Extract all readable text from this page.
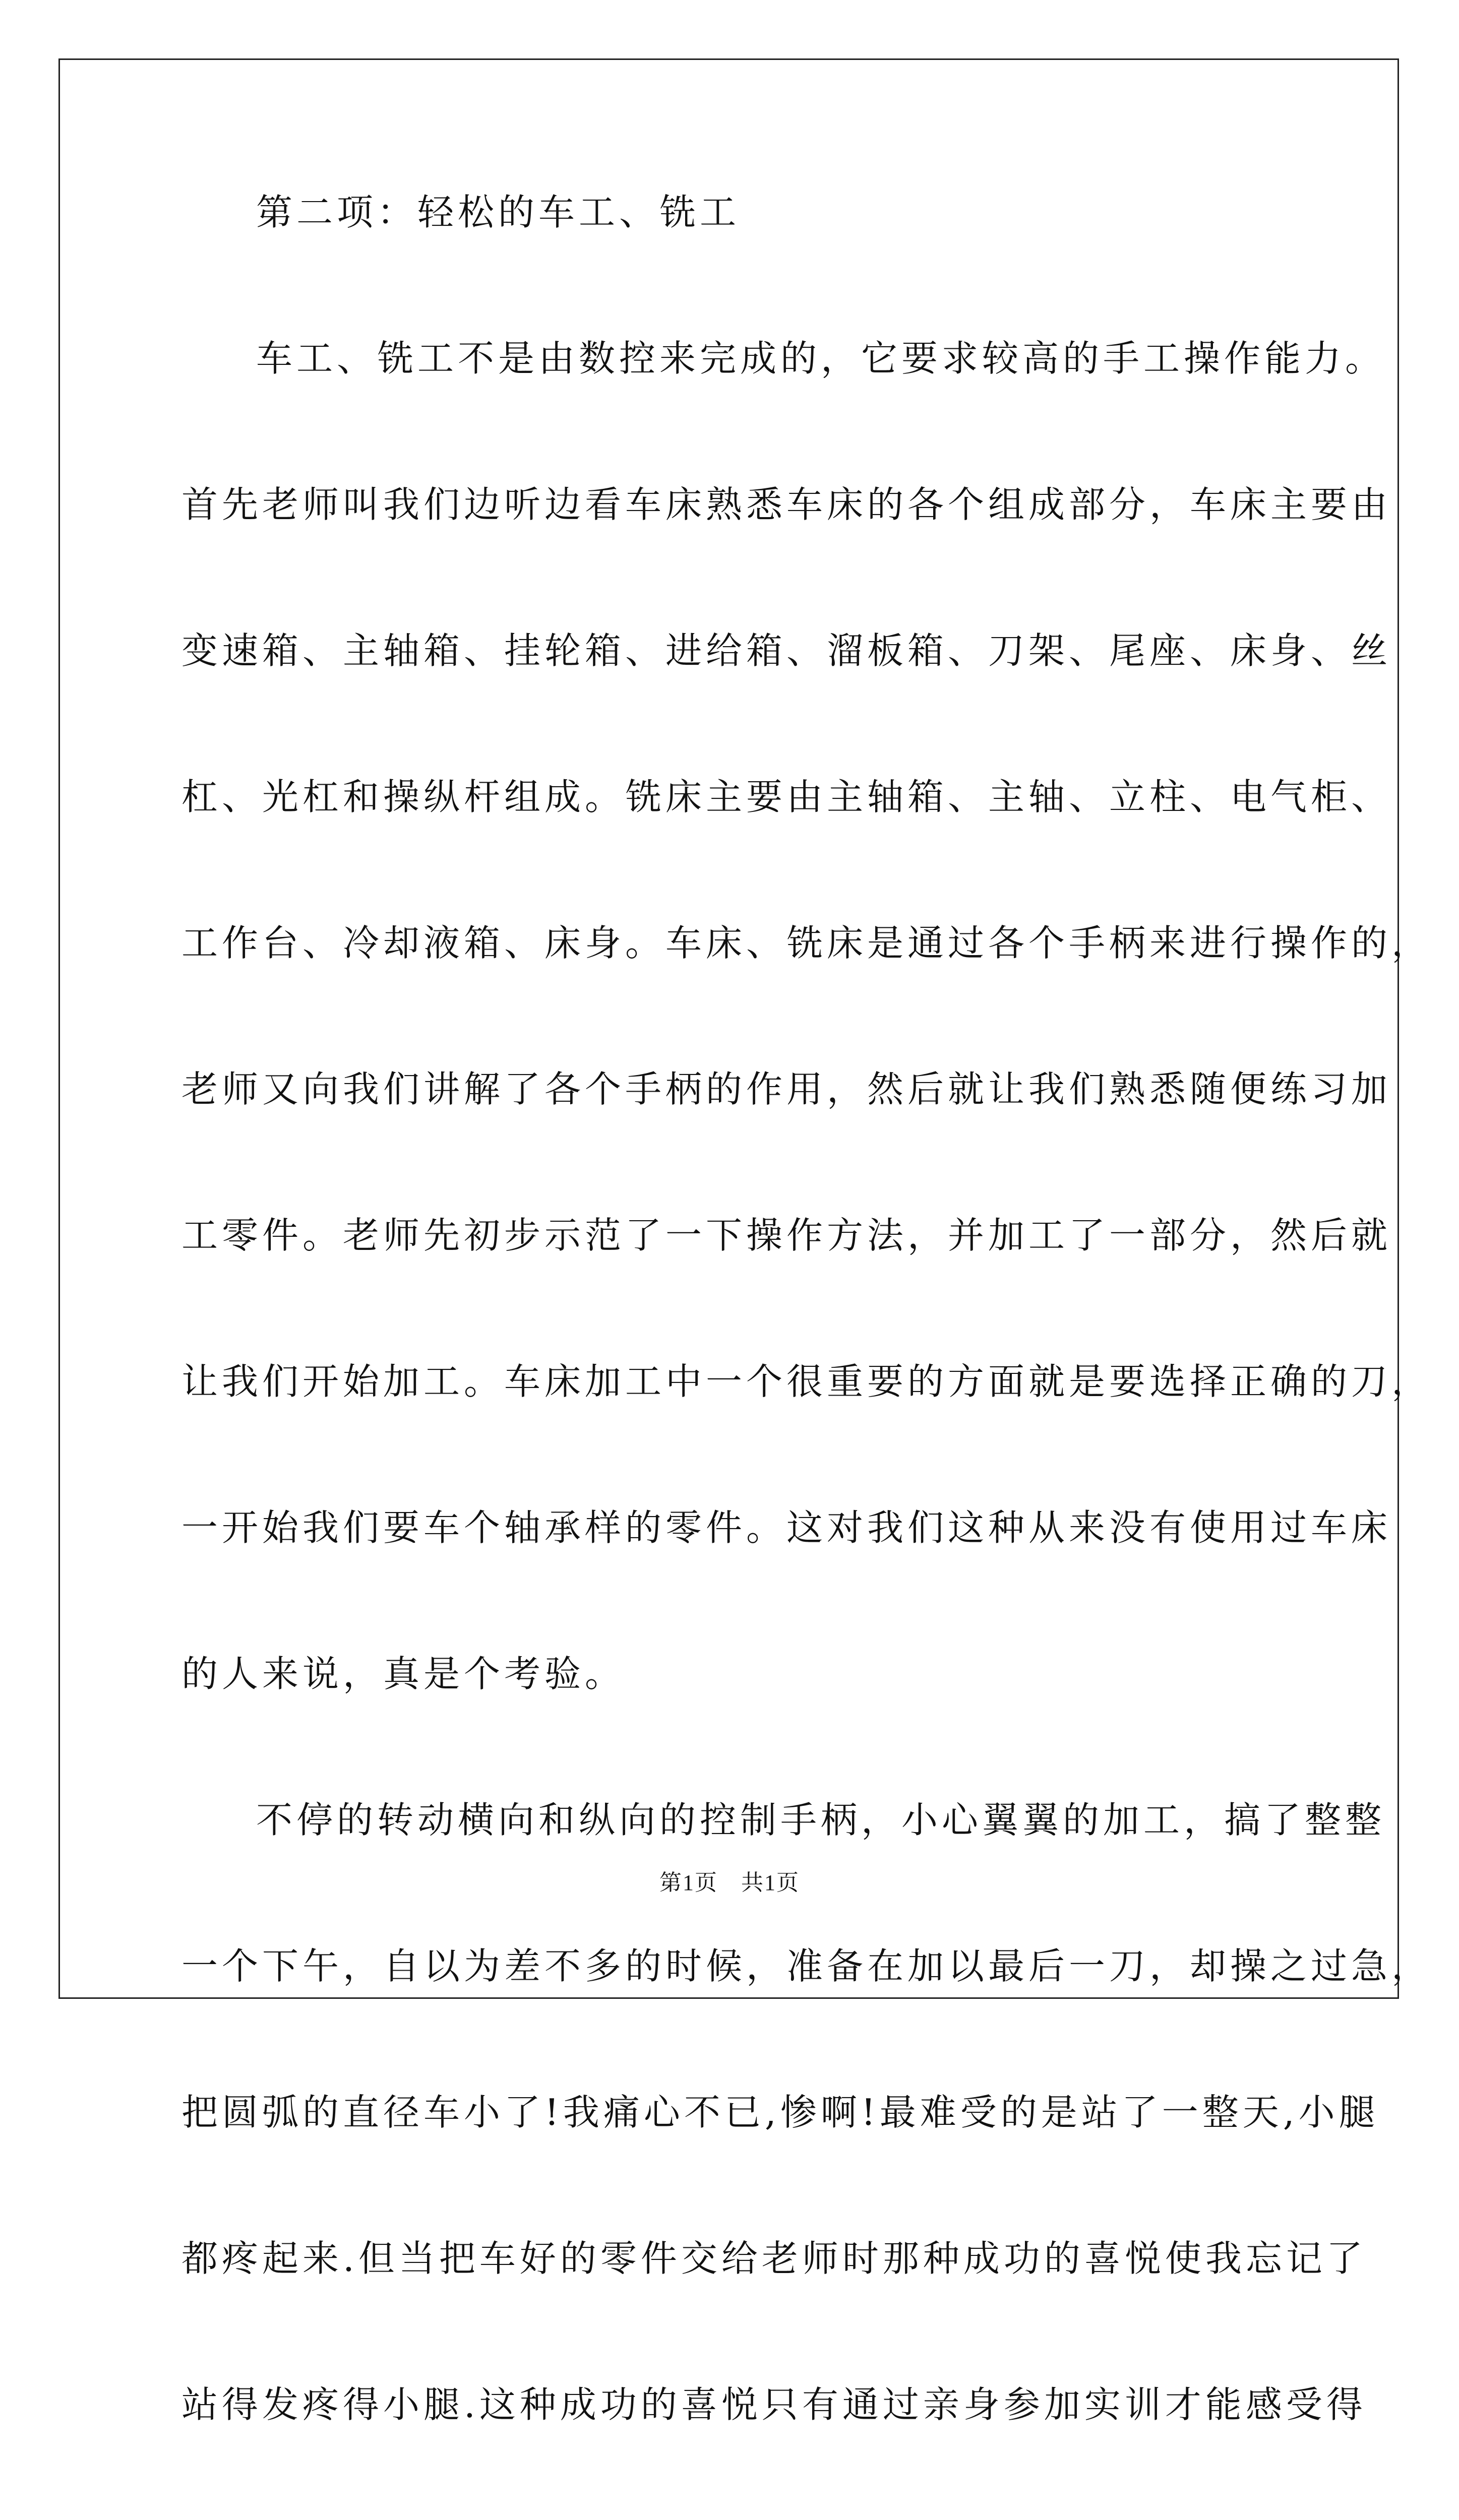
第二项：轻松的车工、铣工
车工、铣工不是由数控来完成的，它要求较高的手工操作能力。
首先老师叫我们边听边看车床熟悉车床的各个组成部分，车床主要由
变速箱、主轴箱、挂轮箱、进给箱、溜板箱、刀架、尾座、床身、丝
杠、光杠和操纵杆组成。铣床主要由主轴箱、主轴、立柱、电气柜、
工作台、冷却液箱、床身。车床、铣床是通过各个手柄来进行操作的，
老师又向我们讲解了各个手柄的作用，然后就让我们熟悉随便练习加
工零件。老师先初步示范了一下操作方法，并加工了一部分，然后就
让我们开始加工。车床加工中一个很重要的方面就是要选择正确的刀，
一开始我们要车个轴承样的零件。这对我们这种从来没有使用过车床
的人来说，真是个考验。
不停的转动横向和纵向的控制手柄，小心翼翼的加工，搞了整整
一个下午，自以为差不多的时候，准备在加以最后一刀，却操之过急，
把圆弧的直径车小了!我痛心不已,惨啊!最难受的是站了一整天,小腿
都疼起来.但当把车好的零件交给老师时那种成功的喜悦使我忘记了
站得发疼得小腿.这种成功的喜悦只有通过亲身参加实训才能感受得
第1页　共1页
